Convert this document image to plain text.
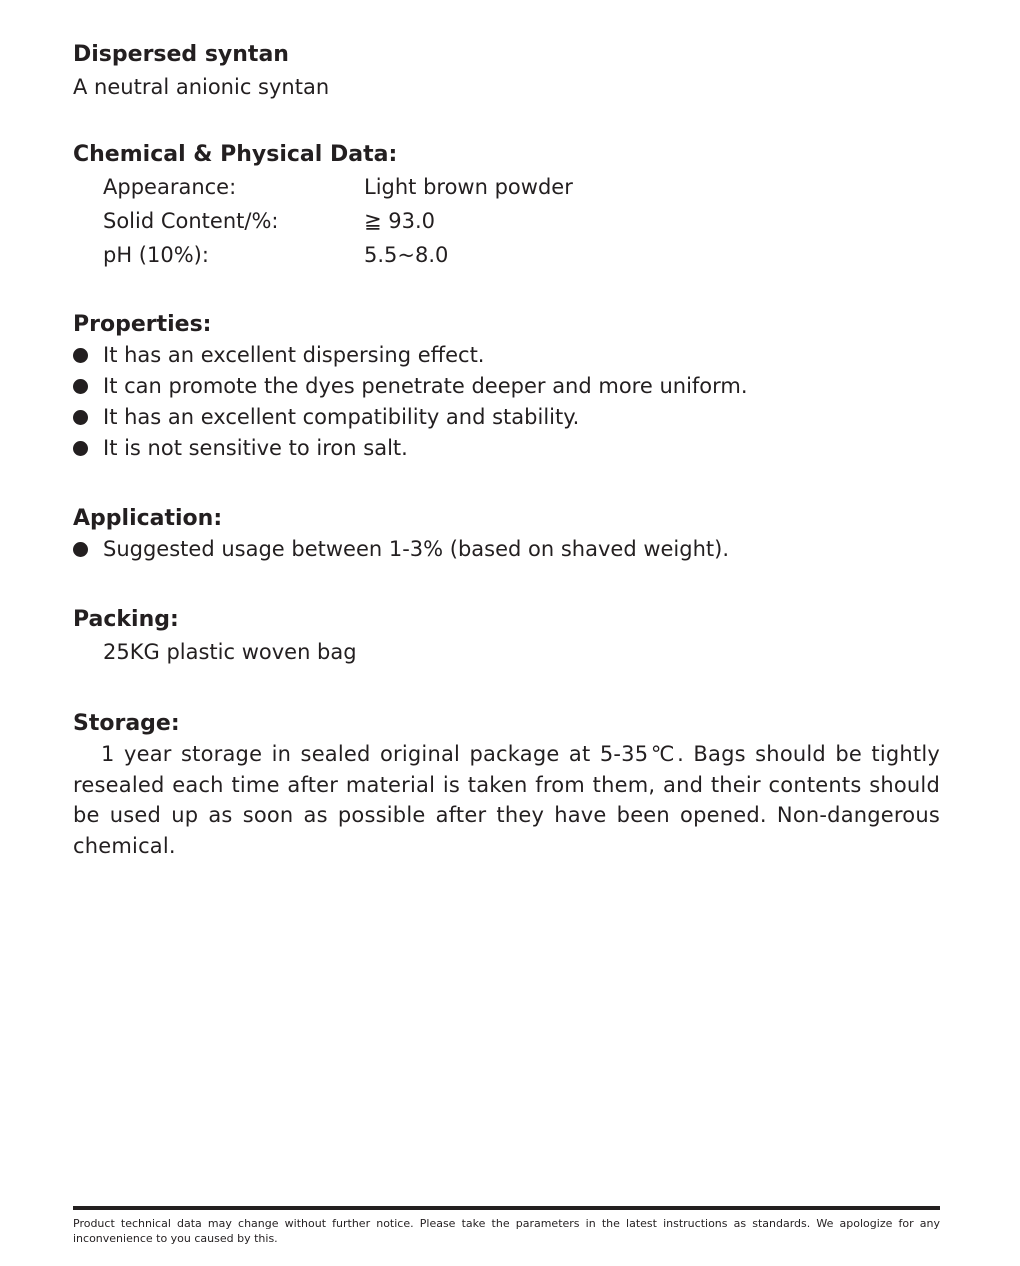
Dispersed syntan

A neutral anionic syntan

Chemical & Physical Data:
Appearance:	Light brown powder
Solid Content/%:	≧ 93.0
pH (10%):	5.5~8.0
Properties:
It has an excellent dispersing effect.
It can promote the dyes penetrate deeper and more uniform.
It has an excellent compatibility and stability.
It is not sensitive to iron salt.
Application:
Suggested usage between 1-3% (based on shaved weight).
Packing:
25KG plastic woven bag
Storage:

1 year storage in sealed original package at 5-35℃. Bags should be tightly resealed each time after material is taken from them, and their contents should be used up as soon as possible after they have been opened. Non-dangerous chemical.

Product technical data may change without further notice. Please take the parameters in the latest instructions as standards. We apologize for any inconvenience to you caused by this.
